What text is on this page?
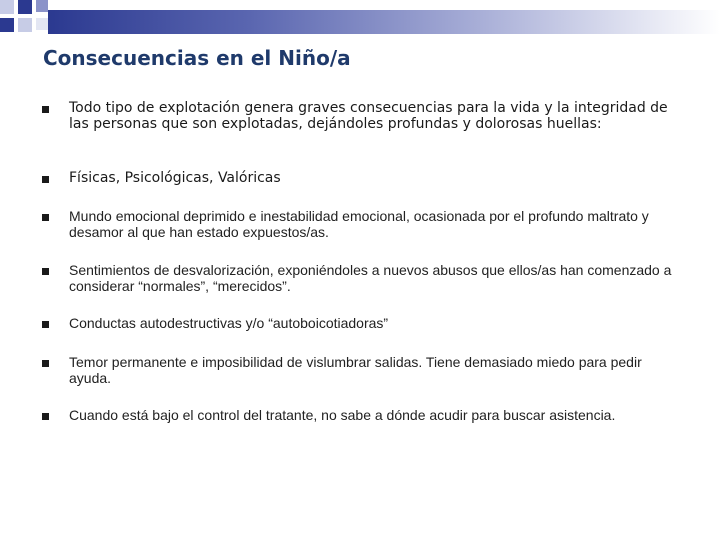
Consecuencias en el Niño/a
Todo tipo de explotación genera graves consecuencias para la vida y la integridad de las personas que son explotadas, dejándoles profundas y dolorosas huellas:
Físicas, Psicológicas, Valóricas
Mundo emocional deprimido e inestabilidad emocional, ocasionada por el profundo maltrato y desamor al que han estado expuestos/as.
Sentimientos de desvalorización, exponiéndoles a nuevos abusos que ellos/as han comenzado a considerar “normales”, “merecidos”.
Conductas autodestructivas y/o “autoboicotiadoras”
Temor permanente e imposibilidad de vislumbrar salidas. Tiene demasiado miedo para pedir ayuda.
Cuando está bajo el control del tratante, no sabe a dónde acudir para buscar asistencia.
